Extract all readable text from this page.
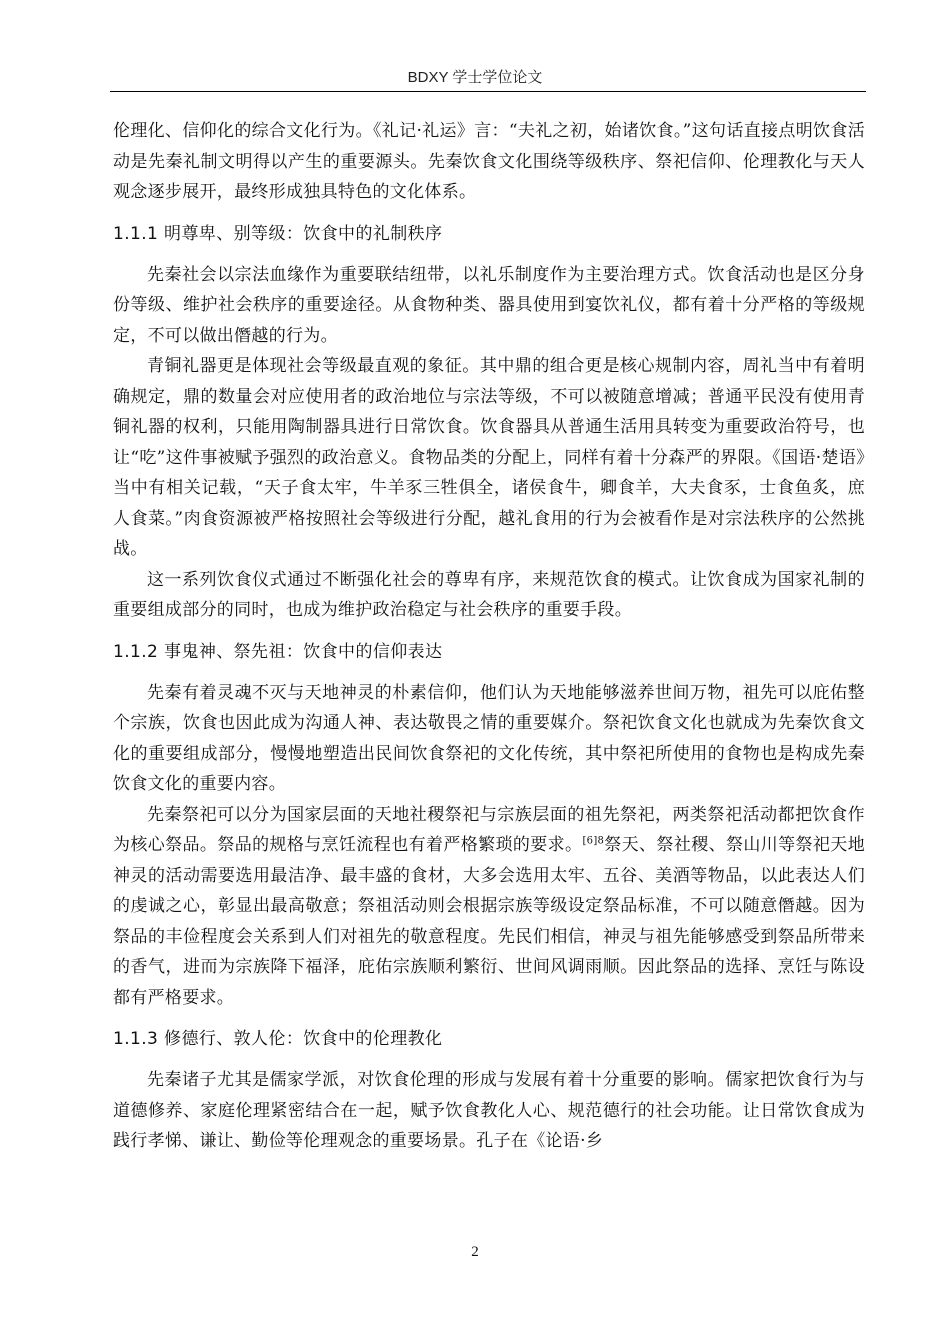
BDXY 学士学位论文

伦理化、信仰化的综合文化行为。《礼记·礼运》言：“夫礼之初，始诸饮食。”这句话直接点明饮食活动是先秦礼制文明得以产生的重要源头。先秦饮食文化围绕等级秩序、祭祀信仰、伦理教化与天人观念逐步展开，最终形成独具特色的文化体系。

1.1.1 明尊卑、别等级：饮食中的礼制秩序

先秦社会以宗法血缘作为重要联结纽带，以礼乐制度作为主要治理方式。饮食活动也是区分身份等级、维护社会秩序的重要途径。从食物种类、器具使用到宴饮礼仪，都有着十分严格的等级规定，不可以做出僭越的行为。

青铜礼器更是体现社会等级最直观的象征。其中鼎的组合更是核心规制内容，周礼当中有着明确规定，鼎的数量会对应使用者的政治地位与宗法等级，不可以被随意增减；普通平民没有使用青铜礼器的权利，只能用陶制器具进行日常饮食。饮食器具从普通生活用具转变为重要政治符号，也让“吃”这件事被赋予强烈的政治意义。食物品类的分配上，同样有着十分森严的界限。《国语·楚语》当中有相关记载，“天子食太牢，牛羊豕三牲俱全，诸侯食牛，卿食羊，大夫食豕，士食鱼炙，庶人食菜。”肉食资源被严格按照社会等级进行分配，越礼食用的行为会被看作是对宗法秩序的公然挑战。

这一系列饮食仪式通过不断强化社会的尊卑有序，来规范饮食的模式。让饮食成为国家礼制的重要组成部分的同时，也成为维护政治稳定与社会秩序的重要手段。

1.1.2 事鬼神、祭先祖：饮食中的信仰表达

先秦有着灵魂不灭与天地神灵的朴素信仰，他们认为天地能够滋养世间万物，祖先可以庇佑整个宗族，饮食也因此成为沟通人神、表达敬畏之情的重要媒介。祭祀饮食文化也就成为先秦饮食文化的重要组成部分，慢慢地塑造出民间饮食祭祀的文化传统，其中祭祀所使用的食物也是构成先秦饮食文化的重要内容。

先秦祭祀可以分为国家层面的天地社稷祭祀与宗族层面的祖先祭祀，两类祭祀活动都把饮食作为核心祭品。祭品的规格与烹饪流程也有着严格繁琐的要求。$^{[6]8}$祭天、祭社稷、祭山川等祭祀天地神灵的活动需要选用最洁净、最丰盛的食材，大多会选用太牢、五谷、美酒等物品，以此表达人们的虔诚之心，彰显出最高敬意；祭祖活动则会根据宗族等级设定祭品标准，不可以随意僭越。因为祭品的丰俭程度会关系到人们对祖先的敬意程度。先民们相信，神灵与祖先能够感受到祭品所带来的香气，进而为宗族降下福泽，庇佑宗族顺利繁衍、世间风调雨顺。因此祭品的选择、烹饪与陈设都有严格要求。

1.1.3 修德行、敦人伦：饮食中的伦理教化

先秦诸子尤其是儒家学派，对饮食伦理的形成与发展有着十分重要的影响。儒家把饮食行为与道德修养、家庭伦理紧密结合在一起，赋予饮食教化人心、规范德行的社会功能。让日常饮食成为践行孝悌、谦让、勤俭等伦理观念的重要场景。孔子在《论语·乡

2
